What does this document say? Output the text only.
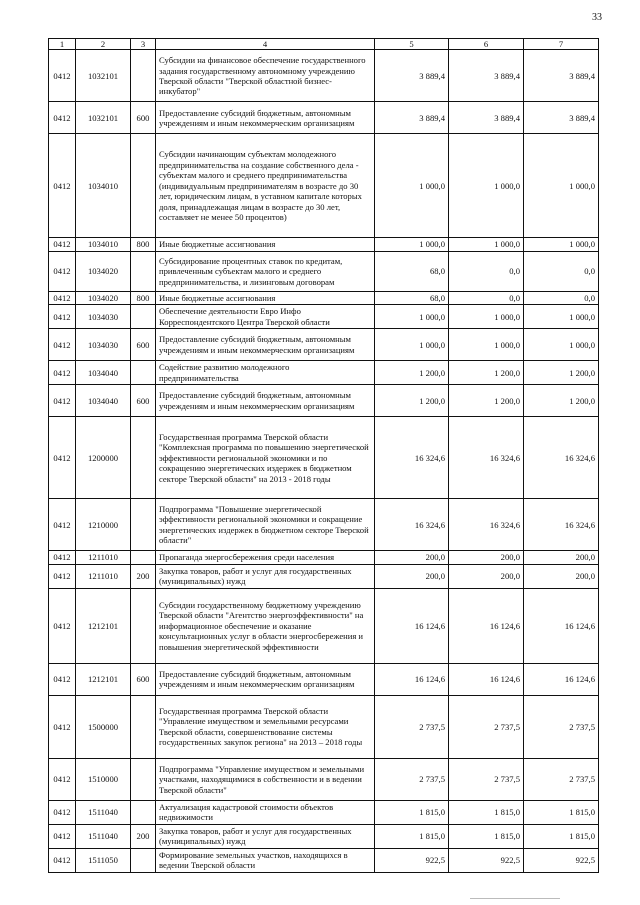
33
1	2	3	4	5	6	7
0412	1032101		Субсидии на финансовое обеспечение государственного задания государственному автономному учреждению Тверской области "Тверской областной бизнес-инкубатор"	3 889,4	3 889,4	3 889,4
0412	1032101	600	Предоставление субсидий бюджетным, автономным учреждениям и иным некоммерческим организациям	3 889,4	3 889,4	3 889,4
0412	1034010		Субсидии начинающим субъектам молодежного предпринимательства на создание собственного дела - субъектам малого и среднего предпринимательства (индивидуальным предпринимателям в возрасте до 30 лет, юридическим лицам, в уставном капитале которых доля, принадлежащая лицам в возрасте до 30 лет, составляет не менее 50 процентов)	1 000,0	1 000,0	1 000,0
0412	1034010	800	Иные бюджетные ассигнования	1 000,0	1 000,0	1 000,0
0412	1034020		Субсидирование процентных ставок по кредитам, привлеченным субъектам малого и среднего предпринимательства, и лизинговым договорам	68,0	0,0	0,0
0412	1034020	800	Иные бюджетные ассигнования	68,0	0,0	0,0
0412	1034030		Обеспечение деятельности Евро Инфо Корреспондентского Центра Тверской области	1 000,0	1 000,0	1 000,0
0412	1034030	600	Предоставление субсидий бюджетным, автономным учреждениям и иным некоммерческим организациям	1 000,0	1 000,0	1 000,0
0412	1034040		Содействие развитию молодежного предпринимательства	1 200,0	1 200,0	1 200,0
0412	1034040	600	Предоставление субсидий бюджетным, автономным учреждениям и иным некоммерческим организациям	1 200,0	1 200,0	1 200,0
0412	1200000		Государственная программа Тверской области "Комплексная программа по повышению энергетической эффективности региональной экономики и по сокращению энергетических издержек в бюджетном секторе Тверской области" на 2013 - 2018 годы	16 324,6	16 324,6	16 324,6
0412	1210000		Подпрограмма "Повышение энергетической эффективности региональной экономики и сокращение энергетических издержек в бюджетном секторе Тверской области"	16 324,6	16 324,6	16 324,6
0412	1211010		Пропаганда энергосбережения среди населения	200,0	200,0	200,0
0412	1211010	200	Закупка товаров, работ и услуг для государственных (муниципальных) нужд	200,0	200,0	200,0
0412	1212101		Субсидии государственному бюджетному учреждению Тверской области "Агентство энергоэффективности" на информационное обеспечение и оказание консультационных услуг в области энергосбережения и повышения энергетической эффективности	16 124,6	16 124,6	16 124,6
0412	1212101	600	Предоставление субсидий бюджетным, автономным учреждениям и иным некоммерческим организациям	16 124,6	16 124,6	16 124,6
0412	1500000		Государственная программа Тверской области "Управление имуществом и земельными ресурсами Тверской области, совершенствование системы государственных закупок региона" на 2013 – 2018 годы	2 737,5	2 737,5	2 737,5
0412	1510000		Подпрограмма "Управление имуществом и земельными участками, находящимися в собственности и в ведении Тверской области"	2 737,5	2 737,5	2 737,5
0412	1511040		Актуализация кадастровой стоимости объектов недвижимости	1 815,0	1 815,0	1 815,0
0412	1511040	200	Закупка товаров, работ и услуг для государственных (муниципальных) нужд	1 815,0	1 815,0	1 815,0
0412	1511050		Формирование земельных участков, находящихся в ведении Тверской области	922,5	922,5	922,5
